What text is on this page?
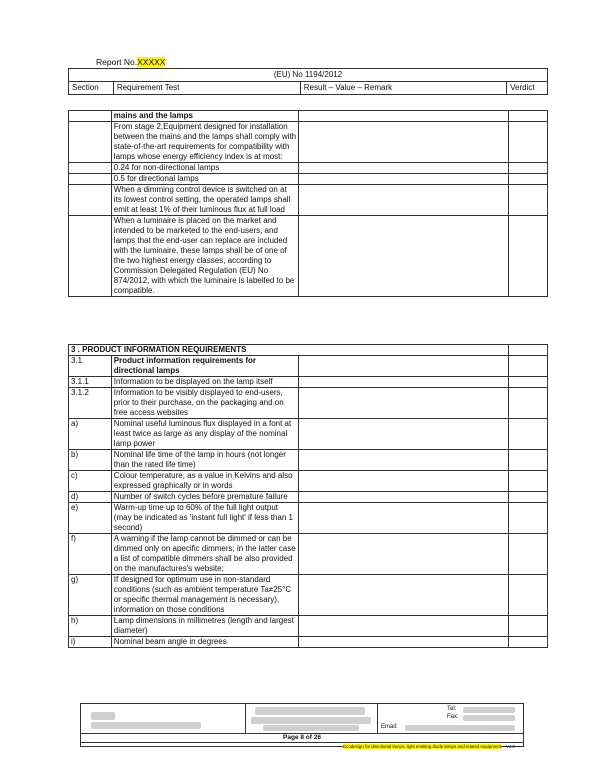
Report No.XXXXX
(EU) No 1194/2012
Section	Requirement Test	Result – Value – Remark	Verdict
	mains and the lamps		
	From stage 2,Equipment designed for installation between the mains and the lamps shall comply with state-of-the-art requirements for compatibility with lamps whose energy efficiency index is at most:		
	0.24 for non-directional lamps		
	0.5 for directional lamps		
	When a dimming control device is switched on at its lowest control setting, the operated lamps shall emit at least 1% of their luminous flux at full load		
	When a luminaire is placed on the market and intended to be marketed to the end-users, and lamps that the end-user can replace are included with the luminaire, these lamps shall be of one of the two highest energy classes, according to Commission Delegated Regulation (EU) No 874/2012, with which the luminaire is labelled to be compatible.		
3 . PRODUCT INFORMATION REQUIREMENTS			
3.1	Product information requirements for directional lamps		
3.1.1	Information to be displayed on the lamp itself		
3.1.2	Information to be visibly displayed to end-users, prior to their purchase, on the packaging and on free access websites		
a)	Nominal useful luminous flux displayed in a font at least twice as large as any display of the nominal lamp power		
b)	Nominal life time of the lamp in hours (not longer than the rated life time)		
c)	Colour temperature, as a value in Kelvins and also expressed graphically or in words		
d)	Number of switch cycles before premature failure		
e)	Warm-up time up to 60% of the full light output (may be indicated as 'instant full light' if less than 1 second)		
f)	A warning if the lamp cannot be dimmed or can be dimmed only on apecific dimmers; in the latter case a list of compatible dimmers shall be also provided on the manufactures's website;		
g)	If designed for optimum use in non-standard conditions (such as ambient temperature Ta≠25°C or specific thermal management is necessary), information on those conditions		
h)	Lamp dimensions in millimetres (length and largest diameter)		
i)	Nominal beam angle in degrees		
Tel:
Fax:
Email:
Page 8 of 26
Ecodesign for directional lamps, light emitting diode lamps and related equipment – V1.0
